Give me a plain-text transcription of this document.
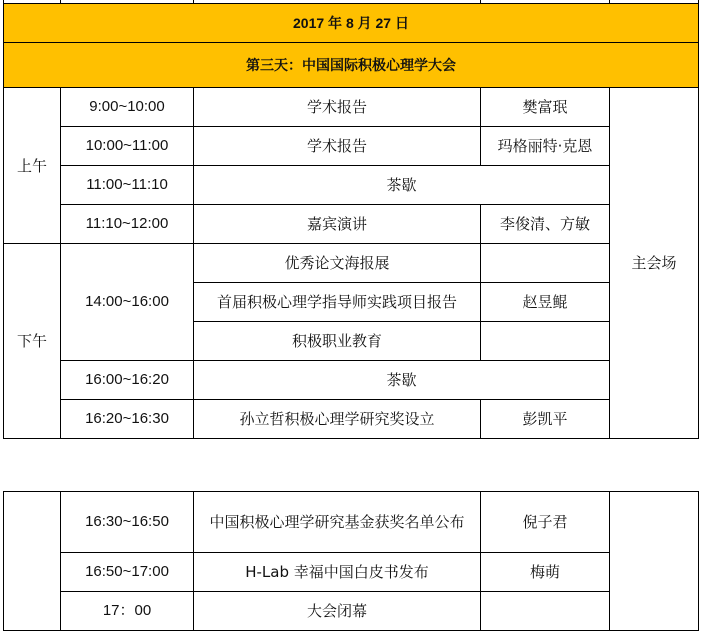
2017 年 8 月 27 日				
第三天：中国国际积极心理学大会				
上午	9:00~10:00	学术报告	樊富珉	主会场
	10:00~11:00	学术报告	玛格丽特·克恩	
	11:00~11:10	茶歇		
	11:10~12:00	嘉宾演讲	李俊清、方敏	
下午	14:00~16:00	优秀论文海报展		
		首届积极心理学指导师实践项目报告	赵昱鲲	
		积极职业教育		
	16:00~16:20	茶歇		
	16:20~16:30	孙立哲积极心理学研究奖设立	彭凯平	
	16:30~16:50	中国积极心理学研究基金获奖名单公布	倪子君	
	16:50~17:00	H-Lab 幸福中国白皮书发布	梅萌	
	17：00	大会闭幕		
